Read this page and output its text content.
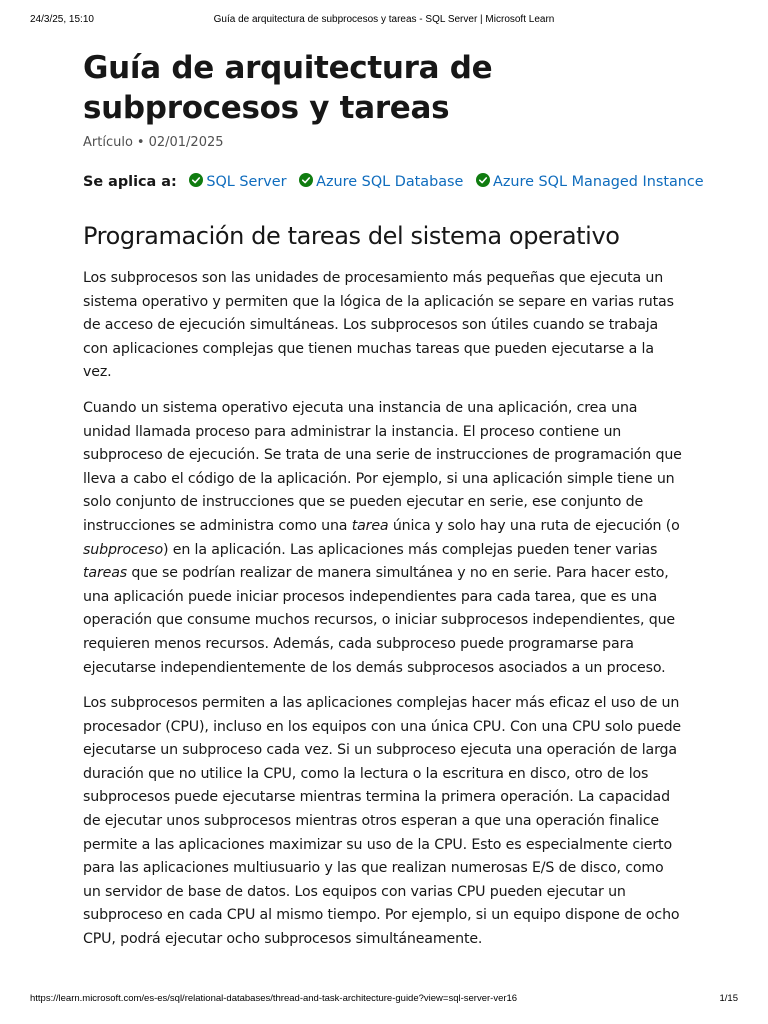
24/3/25, 15:10	Guía de arquitectura de subprocesos y tareas - SQL Server | Microsoft Learn
Guía de arquitectura de subprocesos y tareas
Artículo • 02/01/2025
Se aplica a: SQL Server Azure SQL Database Azure SQL Managed Instance
Programación de tareas del sistema operativo

Los subprocesos son las unidades de procesamiento más pequeñas que ejecuta un sistema operativo y permiten que la lógica de la aplicación se separe en varias rutas de acceso de ejecución simultáneas. Los subprocesos son útiles cuando se trabaja con aplicaciones complejas que tienen muchas tareas que pueden ejecutarse a la vez.

Cuando un sistema operativo ejecuta una instancia de una aplicación, crea una unidad llamada proceso para administrar la instancia. El proceso contiene un subproceso de ejecución. Se trata de una serie de instrucciones de programación que lleva a cabo el código de la aplicación. Por ejemplo, si una aplicación simple tiene un solo conjunto de instrucciones que se pueden ejecutar en serie, ese conjunto de instrucciones se administra como una tarea única y solo hay una ruta de ejecución (o subproceso) en la aplicación. Las aplicaciones más complejas pueden tener varias tareas que se podrían realizar de manera simultánea y no en serie. Para hacer esto, una aplicación puede iniciar procesos independientes para cada tarea, que es una operación que consume muchos recursos, o iniciar subprocesos independientes, que requieren menos recursos. Además, cada subproceso puede programarse para ejecutarse independientemente de los demás subprocesos asociados a un proceso.

Los subprocesos permiten a las aplicaciones complejas hacer más eficaz el uso de un procesador (CPU), incluso en los equipos con una única CPU. Con una CPU solo puede ejecutarse un subproceso cada vez. Si un subproceso ejecuta una operación de larga duración que no utilice la CPU, como la lectura o la escritura en disco, otro de los subprocesos puede ejecutarse mientras termina la primera operación. La capacidad de ejecutar unos subprocesos mientras otros esperan a que una operación finalice permite a las aplicaciones maximizar su uso de la CPU. Esto es especialmente cierto para las aplicaciones multiusuario y las que realizan numerosas E/S de disco, como un servidor de base de datos. Los equipos con varias CPU pueden ejecutar un subproceso en cada CPU al mismo tiempo. Por ejemplo, si un equipo dispone de ocho CPU, podrá ejecutar ocho subprocesos simultáneamente.

https://learn.microsoft.com/es-es/sql/relational-databases/thread-and-task-architecture-guide?view=sql-server-ver16	1/15
